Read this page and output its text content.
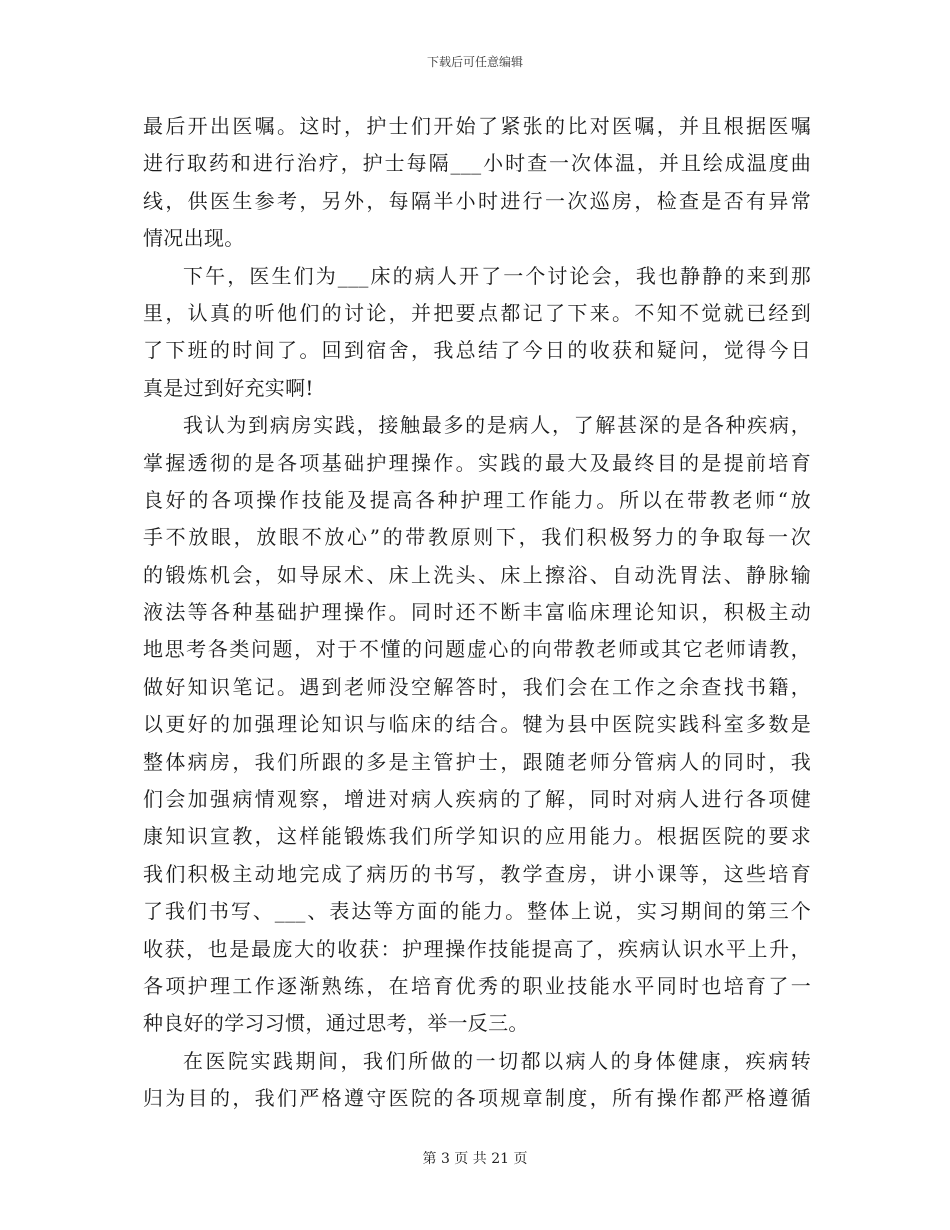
下载后可任意编辑
最后开出医嘱。这时，护士们开始了紧张的比对医嘱，并且根据医嘱
进行取药和进行治疗，护士每隔___小时查一次体温，并且绘成温度曲
线，供医生参考，另外，每隔半小时进行一次巡房，检查是否有异常
情况出现。
下午，医生们为___床的病人开了一个讨论会，我也静静的来到那
里，认真的听他们的讨论，并把要点都记了下来。不知不觉就已经到
了下班的时间了。回到宿舍，我总结了今日的收获和疑问，觉得今日
真是过到好充实啊!
我认为到病房实践，接触最多的是病人，了解甚深的是各种疾病，
掌握透彻的是各项基础护理操作。实践的最大及最终目的是提前培育
良好的各项操作技能及提高各种护理工作能力。所以在带教老师“放
手不放眼，放眼不放心”的带教原则下，我们积极努力的争取每一次
的锻炼机会，如导尿术、床上洗头、床上擦浴、自动洗胃法、静脉输
液法等各种基础护理操作。同时还不断丰富临床理论知识，积极主动
地思考各类问题，对于不懂的问题虚心的向带教老师或其它老师请教，
做好知识笔记。遇到老师没空解答时，我们会在工作之余查找书籍，
以更好的加强理论知识与临床的结合。犍为县中医院实践科室多数是
整体病房，我们所跟的多是主管护士，跟随老师分管病人的同时，我
们会加强病情观察，增进对病人疾病的了解，同时对病人进行各项健
康知识宣教，这样能锻炼我们所学知识的应用能力。根据医院的要求
我们积极主动地完成了病历的书写，教学查房，讲小课等，这些培育
了我们书写、___、表达等方面的能力。整体上说，实习期间的第三个
收获，也是最庞大的收获：护理操作技能提高了，疾病认识水平上升，
各项护理工作逐渐熟练，在培育优秀的职业技能水平同时也培育了一
种良好的学习习惯，通过思考，举一反三。
在医院实践期间，我们所做的一切都以病人的身体健康，疾病转
归为目的，我们严格遵守医院的各项规章制度，所有操作都严格遵循
第 3 页 共 21 页
